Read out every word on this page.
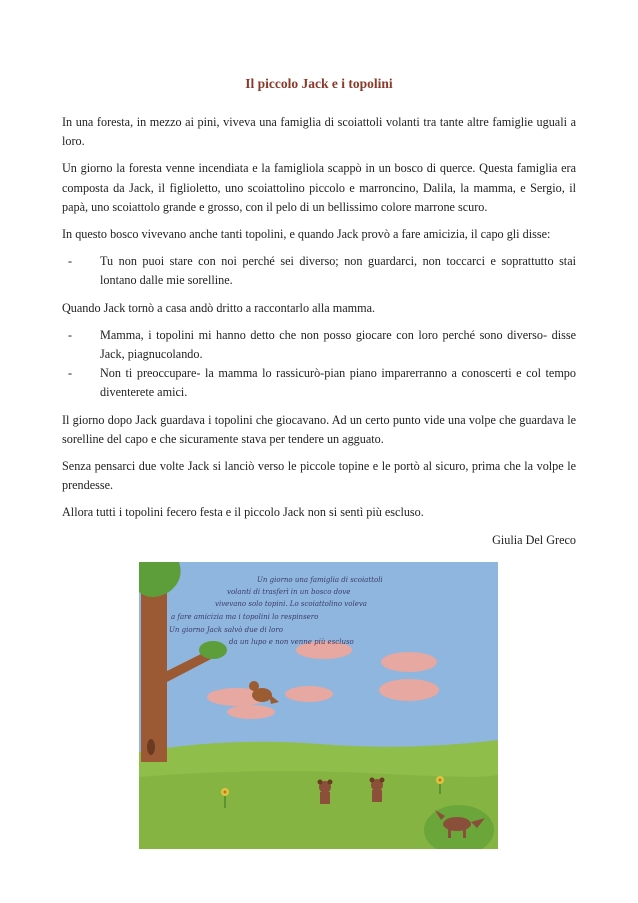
Il piccolo Jack e i topolini

In una foresta, in mezzo ai pini, viveva una famiglia di scoiattoli volanti tra tante altre famiglie uguali a loro.

Un giorno la foresta venne incendiata e la famigliola scappò in un bosco di querce. Questa famiglia era composta da Jack, il figlioletto, uno scoiattolino piccolo e marroncino, Dalila, la mamma, e Sergio, il papà, uno scoiattolo grande e grosso, con il pelo di un bellissimo colore marrone scuro.

In questo bosco vivevano anche tanti topolini, e quando Jack provò a fare amicizia, il capo gli disse:

-	Tu non puoi stare con noi perché sei diverso; non guardarci, non toccarci e soprattutto stai lontano dalle mie sorelline.

Quando Jack tornò a casa andò dritto a raccontarlo alla mamma.

-	Mamma, i topolini mi hanno detto che non posso giocare con loro perché sono diverso- disse Jack, piagnucolando.
-	Non ti preoccupare- la mamma lo rassicurò-pian piano imparerranno a conoscerti e col tempo diventerete amici.

Il giorno dopo Jack guardava i topolini che giocavano. Ad un certo punto vide una volpe che guardava le sorelline del capo e che sicuramente stava per tendere un agguato.

Senza pensarci due volte Jack si lanciò verso le piccole topine e le portò al sicuro, prima che la volpe le prendesse.

Allora tutti i topolini fecero festa e il piccolo Jack non si sentì più escluso.

Giulia Del Greco
Un giorno una famiglia di scoiattoli
volanti di trasferì in un bosco dove
vivevano solo topini. Lo scoiattolino voleva
a fare amicizia ma i topolini lo respinsero
Un giorno Jack salvò due di loro
da un lupo e non venne più escluso
